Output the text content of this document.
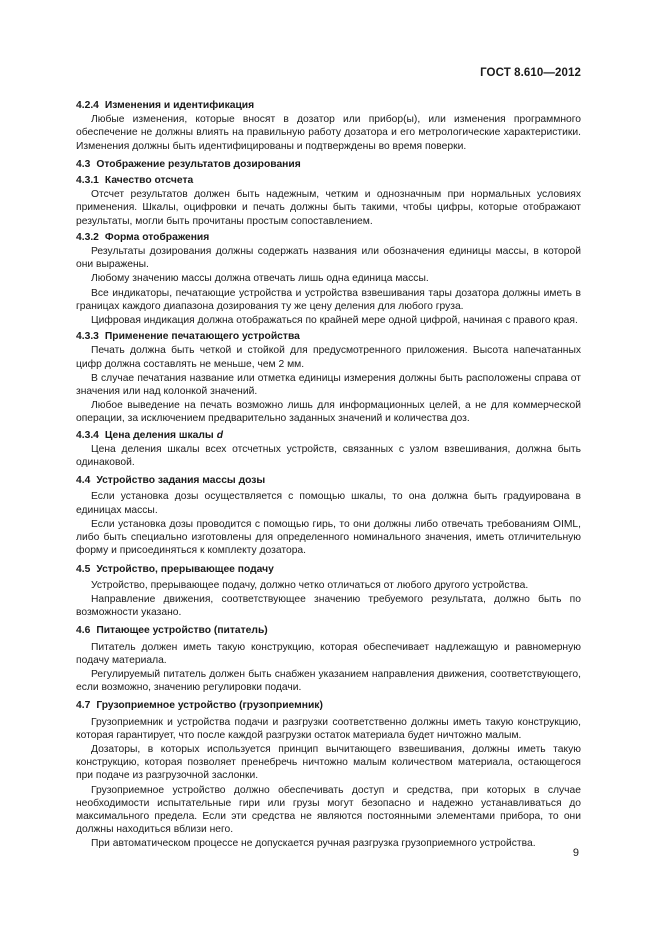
ГОСТ 8.610—2012

4.2.4 Изменения и идентификация

Любые изменения, которые вносят в дозатор или прибор(ы), или изменения программного обеспечение не должны влиять на правильную работу дозатора и его метрологические характеристики. Изменения должны быть идентифицированы и подтверждены во время поверки.

4.3 Отображение результатов дозирования

4.3.1 Качество отсчета

Отсчет результатов должен быть надежным, четким и однозначным при нормальных условиях применения. Шкалы, оцифровки и печать должны быть такими, чтобы цифры, которые отображают результаты, могли быть прочитаны простым сопоставлением.

4.3.2 Форма отображения

Результаты дозирования должны содержать названия или обозначения единицы массы, в которой они выражены.

Любому значению массы должна отвечать лишь одна единица массы.

Все индикаторы, печатающие устройства и устройства взвешивания тары дозатора должны иметь в границах каждого диапазона дозирования ту же цену деления для любого груза.

Цифровая индикация должна отображаться по крайней мере одной цифрой, начиная с правого края.

4.3.3 Применение печатающего устройства

Печать должна быть четкой и стойкой для предусмотренного приложения. Высота напечатанных цифр должна составлять не меньше, чем 2 мм.

В случае печатания название или отметка единицы измерения должны быть расположены справа от значения или над колонкой значений.

Любое выведение на печать возможно лишь для информационных целей, а не для коммерческой операции, за исключением предварительно заданных значений и количества доз.

4.3.4 Цена деления шкалы d

Цена деления шкалы всех отсчетных устройств, связанных с узлом взвешивания, должна быть одинаковой.

4.4 Устройство задания массы дозы

Если установка дозы осуществляется с помощью шкалы, то она должна быть градуирована в единицах массы.

Если установка дозы проводится с помощью гирь, то они должны либо отвечать требованиям OIML, либо быть специально изготовлены для определенного номинального значения, иметь отличительную форму и присоединяться к комплекту дозатора.

4.5 Устройство, прерывающее подачу

Устройство, прерывающее подачу, должно четко отличаться от любого другого устройства.

Направление движения, соответствующее значению требуемого результата, должно быть по возможности указано.

4.6 Питающее устройство (питатель)

Питатель должен иметь такую конструкцию, которая обеспечивает надлежащую и равномерную подачу материала.

Регулируемый питатель должен быть снабжен указанием направления движения, соответствующего, если возможно, значению регулировки подачи.

4.7 Грузоприемное устройство (грузоприемник)

Грузоприемник и устройства подачи и разгрузки соответственно должны иметь такую конструкцию, которая гарантирует, что после каждой разгрузки остаток материала будет ничтожно малым.

Дозаторы, в которых используется принцип вычитающего взвешивания, должны иметь такую конструкцию, которая позволяет пренебречь ничтожно малым количеством материала, остающегося при подаче из разгрузочной заслонки.

Грузоприемное устройство должно обеспечивать доступ и средства, при которых в случае необходимости испытательные гири или грузы могут безопасно и надежно устанавливаться до максимального предела. Если эти средства не являются постоянными элементами прибора, то они должны находиться вблизи него.

При автоматическом процессе не допускается ручная разгрузка грузоприемного устройства.

9
